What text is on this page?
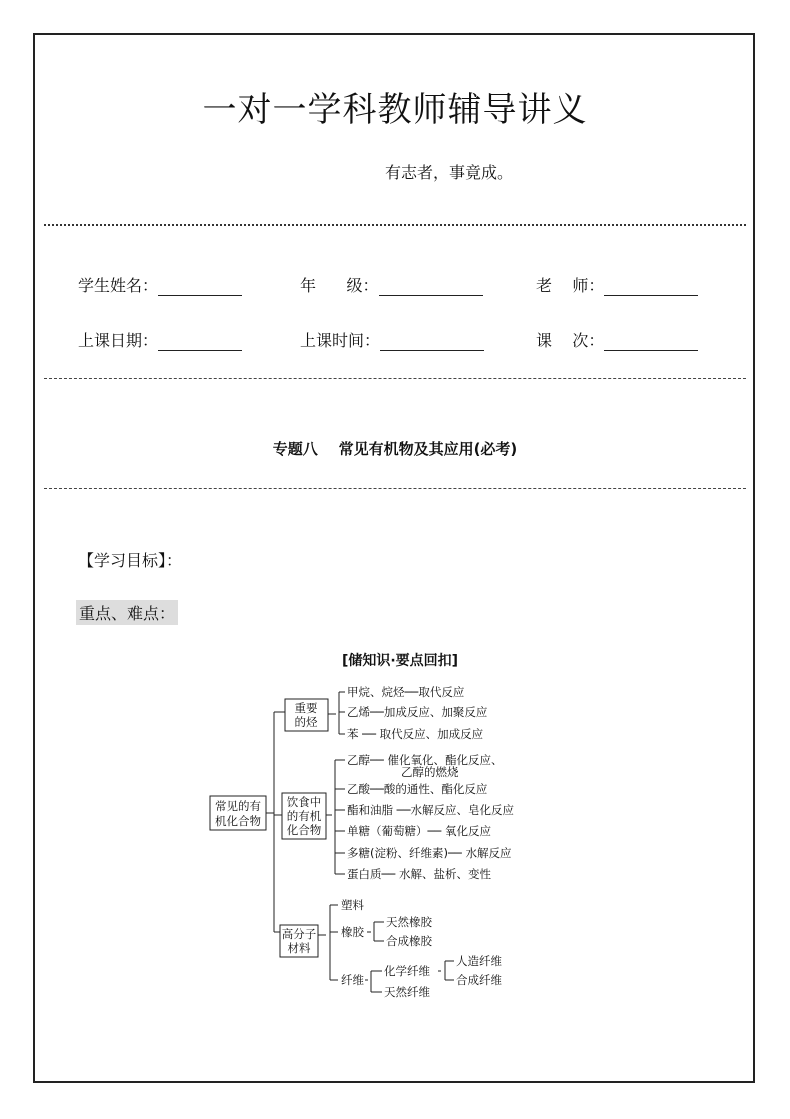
一对一学科教师辅导讲义
有志者，事竟成。
学生姓名：	年      级：	老    师：
上课日期：	上课时间：	课    次：
专题八    常见有机物及其应用(必考)
【学习目标】：
重点、难点：
[储知识·要点回扣]
常见的有
机化合物
重要
的烃
甲烷、烷烃──取代反应
乙烯──加成反应、加聚反应
苯 ── 取代反应、加成反应
饮食中
的有机
化合物
乙醇── 催化氧化、酯化反应、
乙醇的燃烧
乙酸──酸的通性、酯化反应
酯和油脂 ──水解反应、皂化反应
单糖（葡萄糖）── 氧化反应
多糖(淀粉、纤维素)── 水解反应
蛋白质── 水解、盐析、变性
高分子
材料
塑料
橡胶
天然橡胶
合成橡胶
纤维
化学纤维
人造纤维
合成纤维
天然纤维
